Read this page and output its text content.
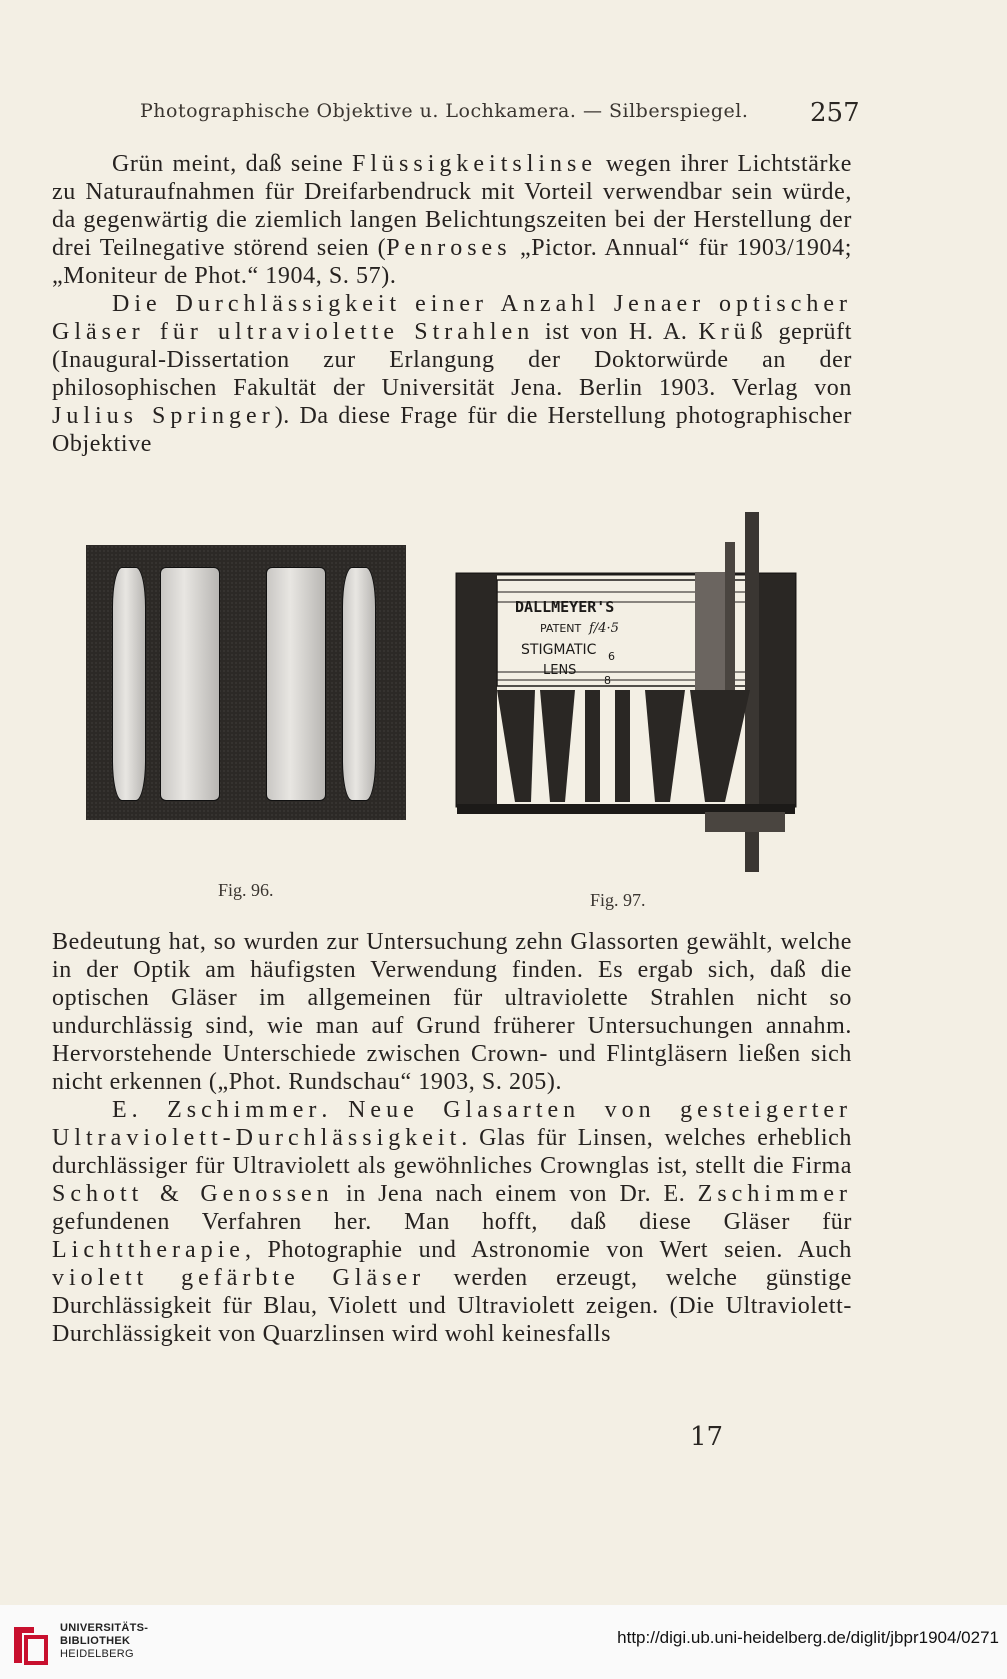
Photographische Objektive u. Lochkamera. — Silberspiegel.	257

Grün meint, daß seine Flüssigkeitslinse wegen ihrer Lichtstärke zu Naturaufnahmen für Dreifarbendruck mit Vorteil verwendbar sein würde, da gegenwärtig die ziemlich langen Belichtungszeiten bei der Herstellung der drei Teilnegative störend seien (Penroses „Pictor. Annual“ für 1903/1904; „Moniteur de Phot.“ 1904, S. 57).

Die Durchlässigkeit einer Anzahl Jenaer optischer Gläser für ultraviolette Strahlen ist von H. A. Krüß geprüft (Inaugural-Dissertation zur Erlangung der Doktorwürde an der philosophischen Fakultät der Universität Jena. Berlin 1903. Verlag von Julius Springer). Da diese Frage für die Herstellung photographischer Objektive

Fig. 96.
DALLMEYER'S
PATENT f/4·5
STIGMATIC
LENS
6
8
Fig. 97.

Bedeutung hat, so wurden zur Untersuchung zehn Glassorten gewählt, welche in der Optik am häufigsten Verwendung finden. Es ergab sich, daß die optischen Gläser im allgemeinen für ultraviolette Strahlen nicht so undurchlässig sind, wie man auf Grund früherer Untersuchungen annahm. Hervorstehende Unterschiede zwischen Crown- und Flintgläsern ließen sich nicht erkennen („Phot. Rundschau“ 1903, S. 205).

E. Zschimmer. Neue Glasarten von gesteigerter Ultraviolett-Durchlässigkeit. Glas für Linsen, welches erheblich durchlässiger für Ultraviolett als gewöhnliches Crownglas ist, stellt die Firma Schott & Genossen in Jena nach einem von Dr. E. Zschimmer gefundenen Verfahren her. Man hofft, daß diese Gläser für Lichttherapie, Photographie und Astronomie von Wert seien. Auch violett gefärbte Gläser werden erzeugt, welche günstige Durchlässigkeit für Blau, Violett und Ultraviolett zeigen. (Die Ultraviolett-Durchlässigkeit von Quarzlinsen wird wohl keinesfalls

17
UNIVERSITÄTS-
BIBLIOTHEK
HEIDELBERG
http://digi.ub.uni-heidelberg.de/diglit/jbpr1904/0271
